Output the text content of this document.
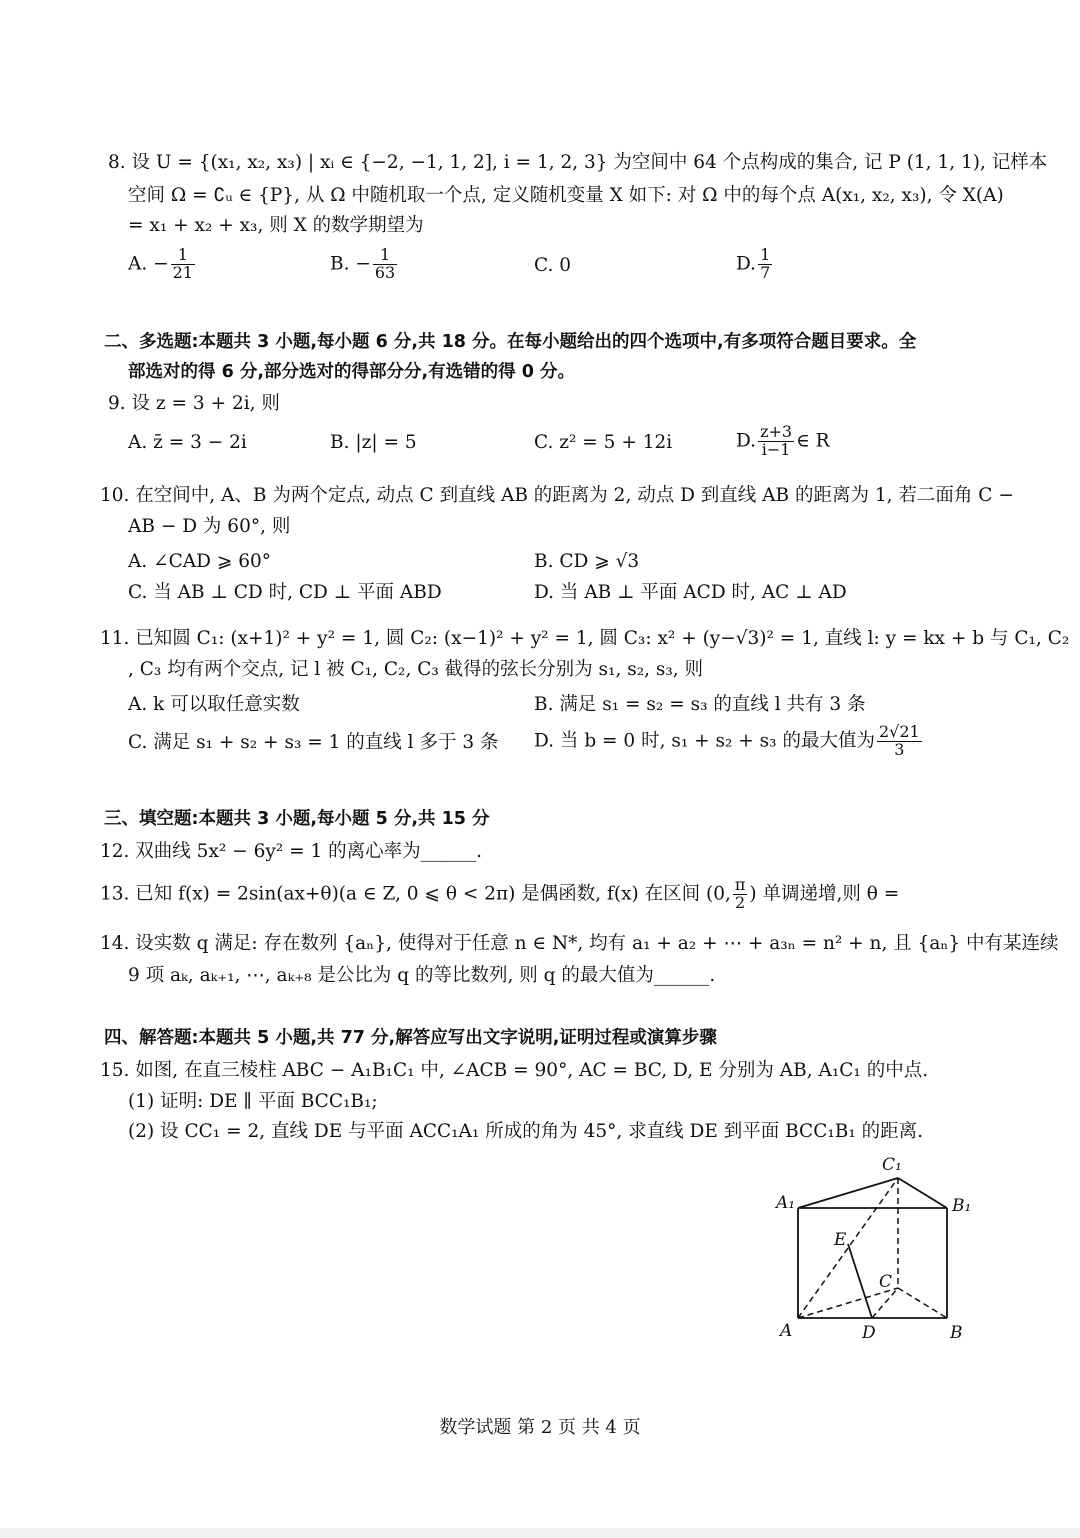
8. 设 U = {(x₁, x₂, x₃) | xᵢ ∈ {−2, −1, 1, 2], i = 1, 2, 3} 为空间中 64 个点构成的集合, 记 P (1, 1, 1), 记样本
空间 Ω = ∁ᵤ ∈ {P}, 从 Ω 中随机取一个点, 定义随机变量 X 如下: 对 Ω 中的每个点 A(x₁, x₂, x₃), 令 X(A)
= x₁ + x₂ + x₃, 则 X 的数学期望为
A. − $\frac{1}{21}$	B. − $\frac{1}{63}$	C. 0	D. $\frac{1}{7}$
二、多选题:本题共 3 小题,每小题 6 分,共 18 分。在每小题给出的四个选项中,有多项符合题目要求。全
部选对的得 6 分,部分选对的得部分分,有选错的得 0 分。
9. 设 z = 3 + 2i, 则
A. z̄ = 3 − 2i	B. |z| = 5	C. z² = 5 + 12i	D. $\frac{z+3}{i-1}$ ∈ R
10. 在空间中, A、B 为两个定点, 动点 C 到直线 AB 的距离为 2, 动点 D 到直线 AB 的距离为 1, 若二面角 C −
AB − D 为 60°, 则
A. ∠CAD ⩾ 60°	B. CD ⩾ √3
C. 当 AB ⊥ CD 时, CD ⊥ 平面 ABD	D. 当 AB ⊥ 平面 ACD 时, AC ⊥ AD
11. 已知圆 C₁: (x+1)² + y² = 1, 圆 C₂: (x−1)² + y² = 1, 圆 C₃: x² + (y−√3)² = 1, 直线 l: y = kx + b 与 C₁, C₂
, C₃ 均有两个交点, 记 l 被 C₁, C₂, C₃ 截得的弦长分别为 s₁, s₂, s₃, 则
A. k 可以取任意实数	B. 满足 s₁ = s₂ = s₃ 的直线 l 共有 3 条
C. 满足 s₁ + s₂ + s₃ = 1 的直线 l 多于 3 条 D. 当 b = 0 时, s₁ + s₂ + s₃ 的最大值为 $\frac{2√21}{3}$
三、填空题:本题共 3 小题,每小题 5 分,共 15 分
12. 双曲线 5x² − 6y² = 1 的离心率为______.
13. 已知 f(x) = 2sin(ax+θ)(a ∈ Z, 0 ⩽ θ < 2π) 是偶函数, f(x) 在区间 (0, $\frac{\pi}{2}$ ) 单调递增,则 θ =
14. 设实数 q 满足: 存在数列 {aₙ}, 使得对于任意 n ∈ N*, 均有 a₁ + a₂ + ⋯ + a₃ₙ = n² + n, 且 {aₙ} 中有某连续
9 项 aₖ, aₖ₊₁, ⋯, aₖ₊₈ 是公比为 q 的等比数列, 则 q 的最大值为______.
四、解答题:本题共 5 小题,共 77 分,解答应写出文字说明,证明过程或演算步骤
15. 如图, 在直三棱柱 ABC − A₁B₁C₁ 中, ∠ACB = 90°, AC = BC, D, E 分别为 AB, A₁C₁ 的中点.
(1) 证明: DE ∥ 平面 BCC₁B₁;
(2) 设 CC₁ = 2, 直线 DE 与平面 ACC₁A₁ 所成的角为 45°, 求直线 DE 到平面 BCC₁B₁ 的距离.
C₁
A₁	B₁
E
C
A	D	B
数学试题 第 2 页 共 4 页
